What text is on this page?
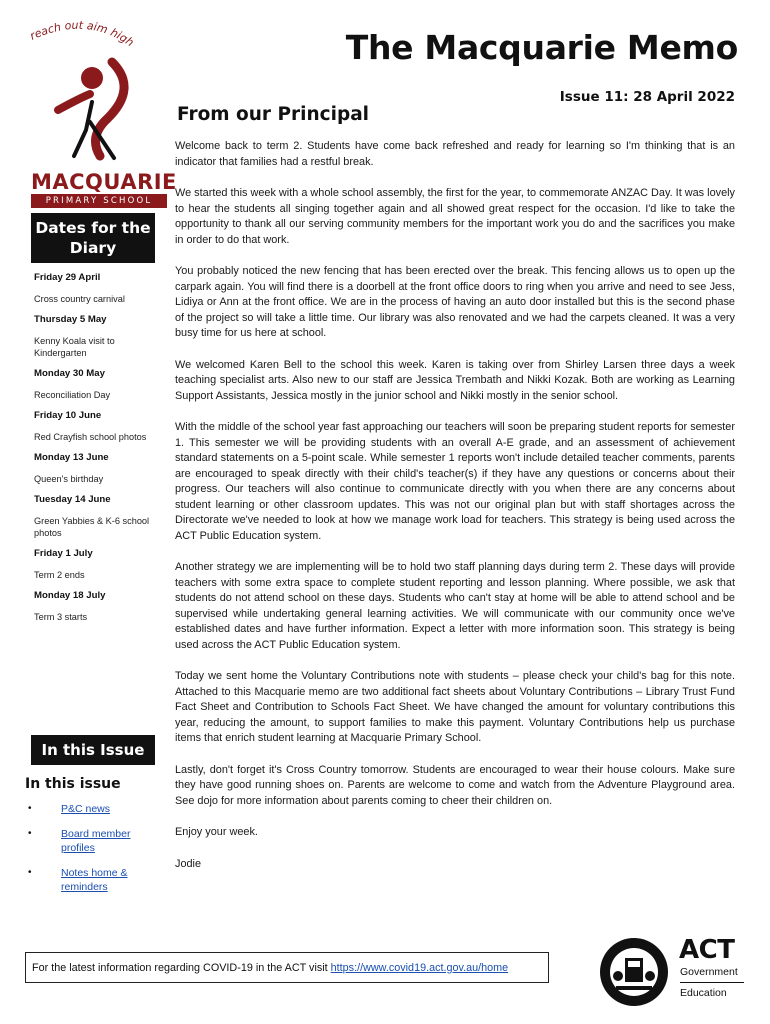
reach out aim high
MACQUARIE
PRIMARY SCHOOL
The Macquarie Memo
Issue 11: 28 April 2022
Dates for the
Diary
Friday 29 April
Cross country carnival
Thursday 5 May
Kenny Koala visit to Kindergarten
Monday 30 May
Reconciliation Day
Friday 10 June
Red Crayfish school photos
Monday 13 June
Queen's birthday
Tuesday 14 June
Green Yabbies & K-6 school photos
Friday 1 July
Term 2 ends
Monday 18 July
Term 3 starts
In this Issue
In this issue
•	P&C news
•	Board member profiles
•	Notes home & reminders
From our Principal

Welcome back to term 2. Students have come back refreshed and ready for learning so I'm thinking that is an indicator that families had a restful break.

We started this week with a whole school assembly, the first for the year, to commemorate ANZAC Day. It was lovely to hear the students all singing together again and all showed great respect for the occasion. I'd like to take the opportunity to thank all our serving community members for the important work you do and the sacrifices you make in order to do that work.

You probably noticed the new fencing that has been erected over the break. This fencing allows us to open up the carpark again. You will find there is a doorbell at the front office doors to ring when you arrive and need to see Jess, Lidiya or Ann at the front office. We are in the process of having an auto door installed but this is the second phase of the project so will take a little time. Our library was also renovated and we had the carpets cleaned. It was a very busy time for us here at school.

We welcomed Karen Bell to the school this week. Karen is taking over from Shirley Larsen three days a week teaching specialist arts. Also new to our staff are Jessica Trembath and Nikki Kozak. Both are working as Learning Support Assistants, Jessica mostly in the junior school and Nikki mostly in the senior school.

With the middle of the school year fast approaching our teachers will soon be preparing student reports for semester 1. This semester we will be providing students with an overall A-E grade, and an assessment of achievement standard statements on a 5-point scale. While semester 1 reports won't include detailed teacher comments, parents are encouraged to speak directly with their child's teacher(s) if they have any questions or concerns about their progress. Our teachers will also continue to communicate directly with you when there are any concerns about student learning or other classroom updates. This was not our original plan but with staff shortages across the Directorate we've needed to look at how we manage work load for teachers. This strategy is being used across the ACT Public Education system.

Another strategy we are implementing will be to hold two staff planning days during term 2. These days will provide teachers with some extra space to complete student reporting and lesson planning. Where possible, we ask that students do not attend school on these days. Students who can't stay at home will be able to attend school and be supervised while undertaking general learning activities. We will communicate with our community once we've established dates and have further information. Expect a letter with more information soon. This strategy is being used across the ACT Public Education system.

Today we sent home the Voluntary Contributions note with students – please check your child's bag for this note. Attached to this Macquarie memo are two additional fact sheets about Voluntary Contributions – Library Trust Fund Fact Sheet and Contribution to Schools Fact Sheet. We have changed the amount for voluntary contributions this year, reducing the amount, to support families to make this payment. Voluntary Contributions help us purchase items that enrich student learning at Macquarie Primary School.

Lastly, don't forget it's Cross Country tomorrow. Students are encouraged to wear their house colours. Make sure they have good running shoes on. Parents are welcome to come and watch from the Adventure Playground area. See dojo for more information about parents coming to cheer their children on.

Enjoy your week.

Jodie

For the latest information regarding COVID-19 in the ACT visit https://www.covid19.act.gov.au/home
ACT
Government
Education
